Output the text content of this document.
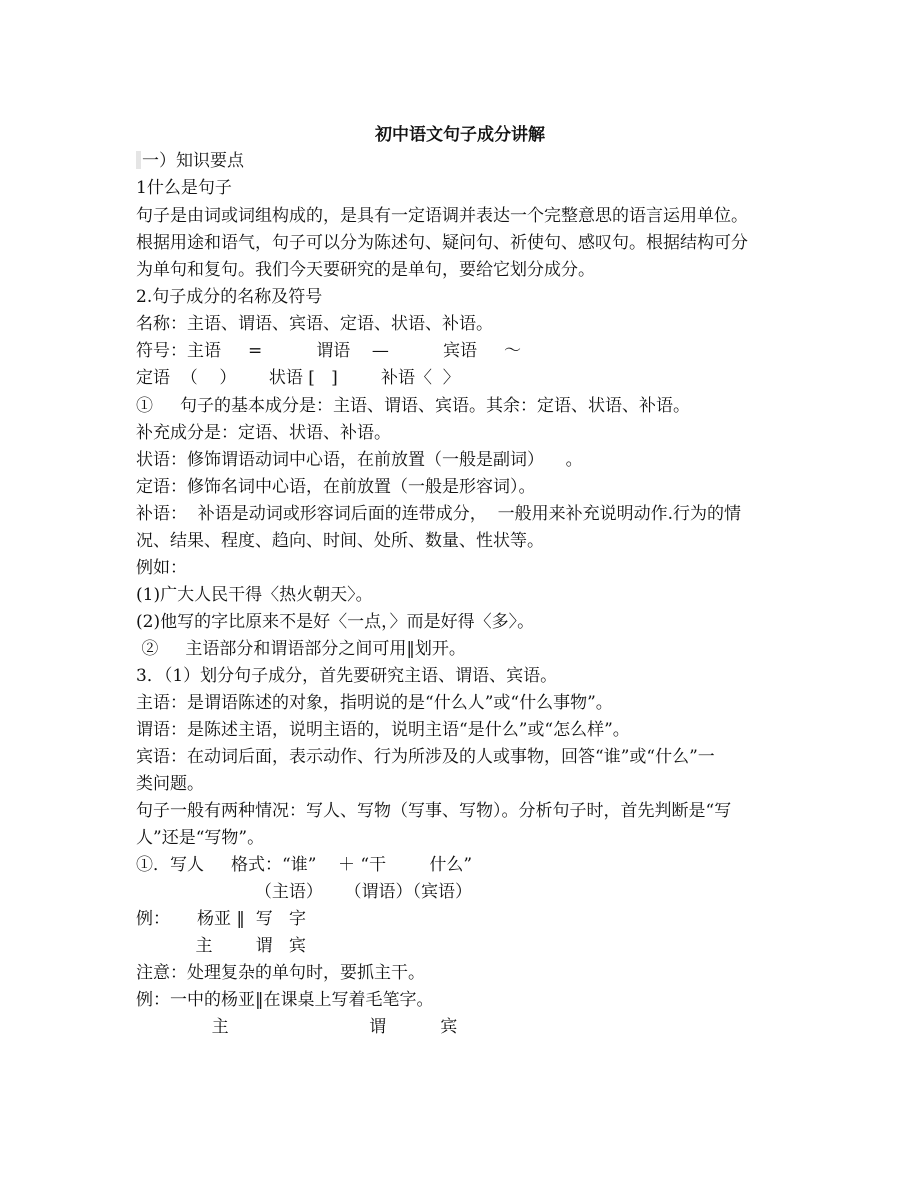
初中语文句子成分讲解
一）知识要点
1什么是句子
句子是由词或词组构成的，是具有一定语调并表达一个完整意思的语言运用单位。
根据用途和语气，句子可以分为陈述句、疑问句、祈使句、感叹句。根据结构可分
为单句和复句。我们今天要研究的是单句，要给它划分成分。
2.句子成分的名称及符号
名称：主语、谓语、宾语、定语、状语、补语。
符号：主语     =          谓语    —          宾语     ～
定语  （    ）      状语 [   ]        补语〈  〉
①     句子的基本成分是：主语、谓语、宾语。其余：定语、状语、补语。
补充成分是：定语、状语、补语。
状语：修饰谓语动词中心语，在前放置（一般是副词）    。
定语：修饰名词中心语，在前放置（一般是形容词）。
补语：  补语是动词或形容词后面的连带成分，  一般用来补充说明动作.行为的情
况、结果、程度、趋向、时间、处所、数量、性状等。
例如：
(1)广大人民干得〈热火朝天〉。
(2)他写的字比原来不是好〈一点，〉而是好得〈多〉。
②     主语部分和谓语部分之间可用‖划开。
3．（1）划分句子成分，首先要研究主语、谓语、宾语。
主语：是谓语陈述的对象，指明说的是“什么人”或“什么事物”。
谓语：是陈述主语，说明主语的，说明主语“是什么”或“怎么样”。
宾语：在动词后面，表示动作、行为所涉及的人或事物，回答“谁”或“什么”一
类问题。
句子一般有两种情况：写人、写物（写事、写物）。分析句子时，首先判断是“写
人”还是“写物”。
①．写人     格式：“谁”    ＋ “干        什么”
（主语）    （谓语）（宾语）
例：     杨亚 ‖  写   字
主        谓   宾
注意：处理复杂的单句时，要抓主干。
例：一中的杨亚‖在课桌上写着毛笔字。
主                          谓          宾
